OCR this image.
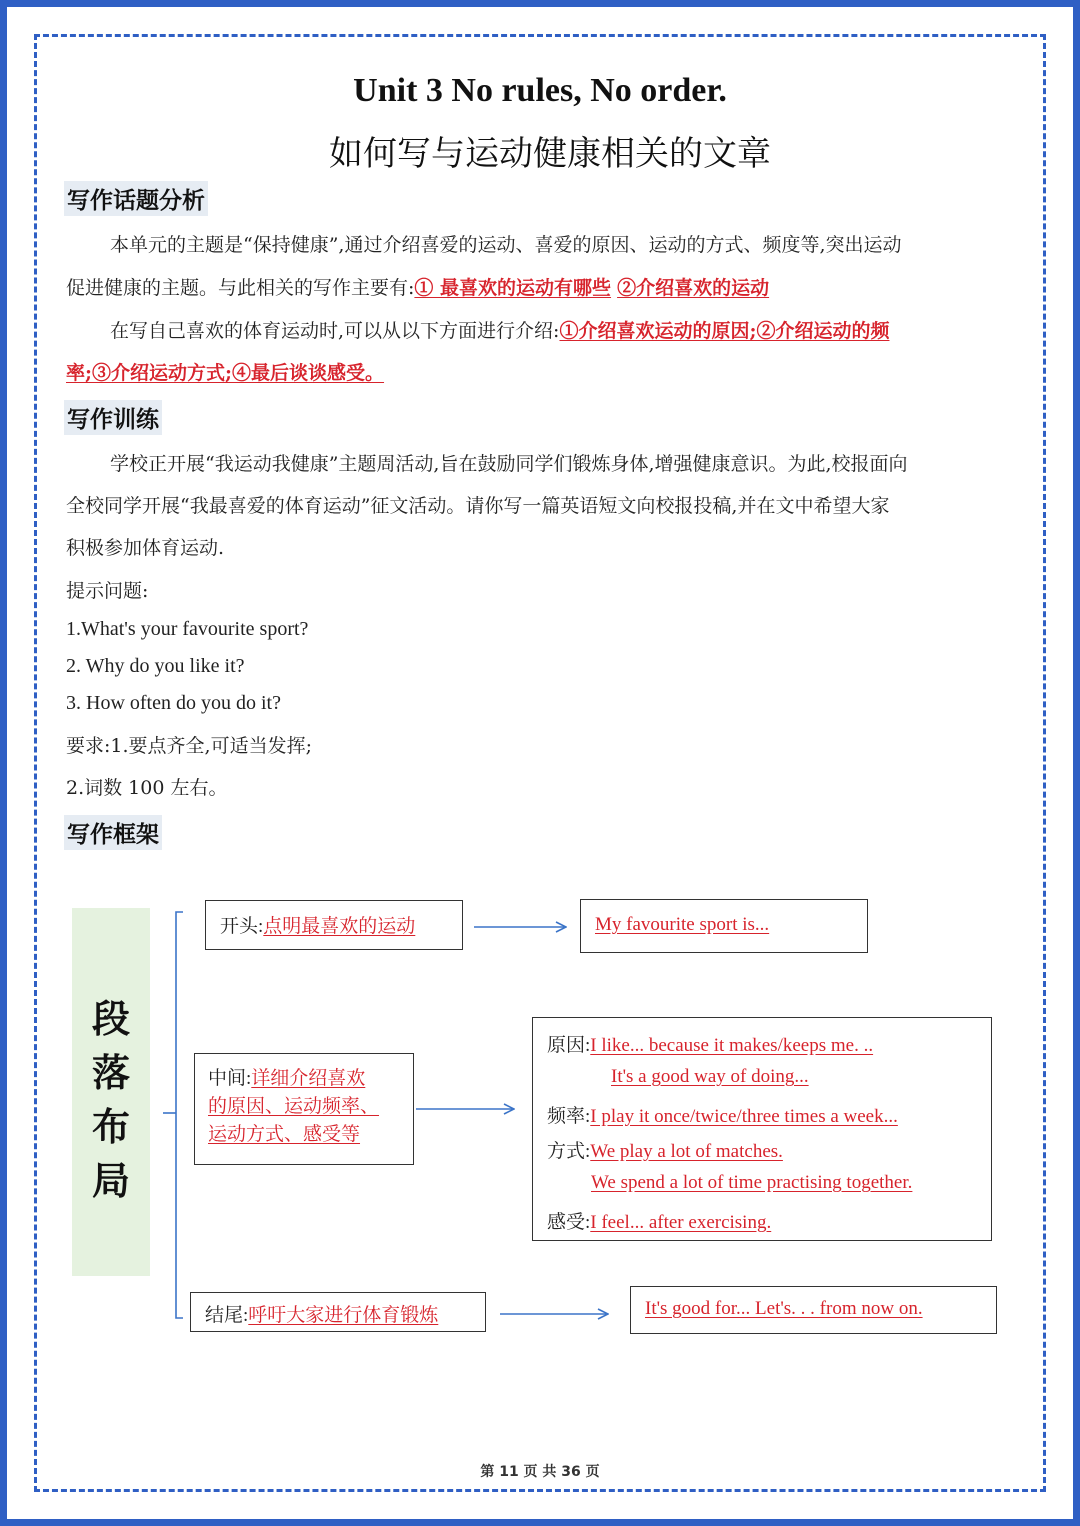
Unit 3 No rules, No order.
如何写与运动健康相关的文章
写作话题分析
本单元的主题是“保持健康”,通过介绍喜爱的运动、喜爱的原因、运动的方式、频度等,突出运动
促进健康的主题。与此相关的写作主要有:① 最喜欢的运动有哪些 ②介绍喜欢的运动
在写自己喜欢的体育运动时,可以从以下方面进行介绍:①介绍喜欢运动的原因;②介绍运动的频
率;③介绍运动方式;④最后谈谈感受。
写作训练
学校正开展“我运动我健康”主题周活动,旨在鼓励同学们锻炼身体,增强健康意识。为此,校报面向
全校同学开展“我最喜爱的体育运动”征文活动。请你写一篇英语短文向校报投稿,并在文中希望大家
积极参加体育运动.
提示问题:
1.What's your favourite sport?
2. Why do you like it?
3. How often do you do it?
要求:1.要点齐全,可适当发挥;
2.词数 100 左右。
写作框架
段
落
布
局
开头:点明最喜欢的运动	My favourite sport is...
中间:详细介绍喜欢
的原因、运动频率、
运动方式、感受等
原因:I like... because it makes/keeps me. ..
It's a good way of doing...
频率:I play it once/twice/three times a week...
方式:We play a lot of matches.
We spend a lot of time practising together.
感受:I feel... after exercising.
结尾:呼吁大家进行体育锻炼	It's good for... Let's. . . from now on.
第 11 页 共 36 页
